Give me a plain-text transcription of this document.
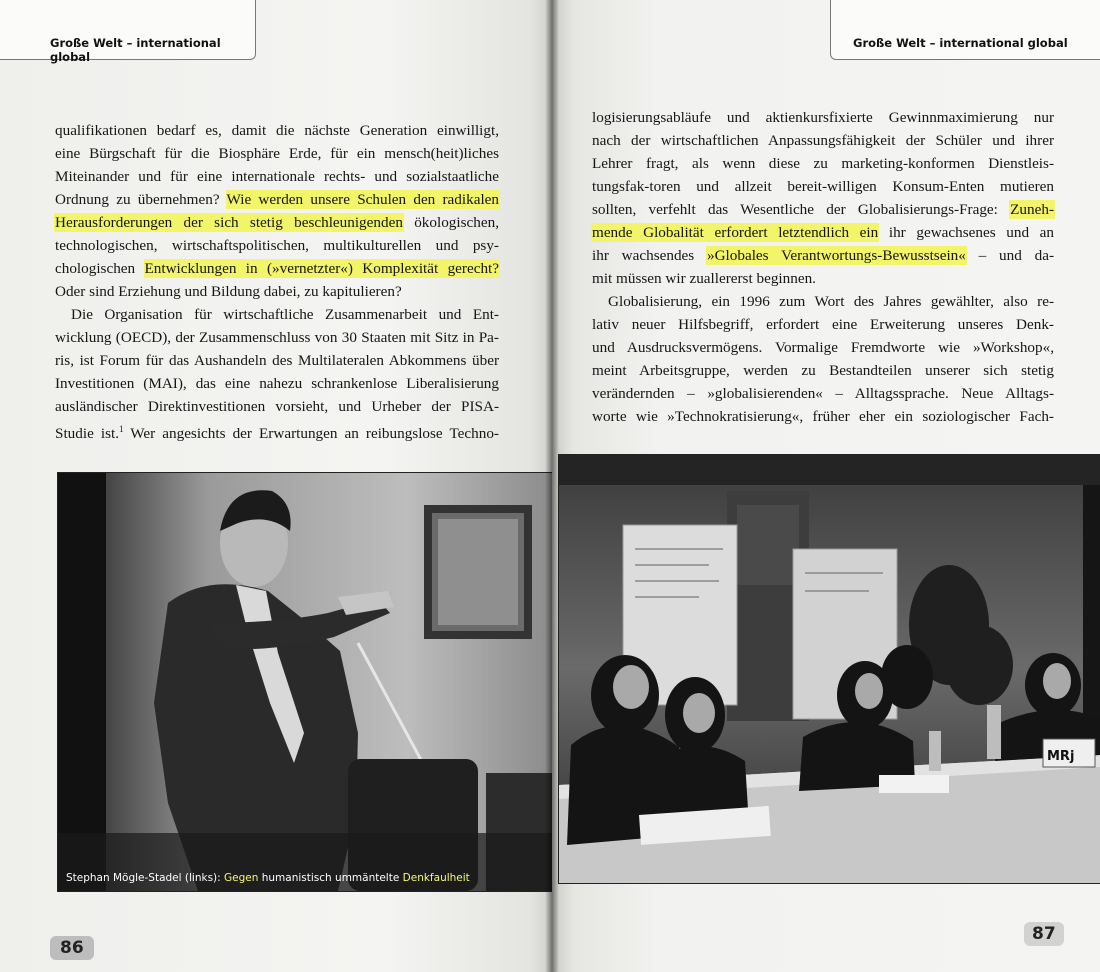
Große Welt – international global
qualifikationen bedarf es, damit die nächste Generation einwilligt,
eine Bürgschaft für die Biosphäre Erde, für ein mensch(heit)liches
Miteinander und für eine internationale rechts- und sozialstaatliche
Ordnung zu übernehmen? Wie werden unsere Schulen den radikalen
Herausforderungen der sich stetig beschleunigenden ökologischen,
technologischen, wirtschaftspolitischen, multikulturellen und psy-
chologischen Entwicklungen in (»vernetzter«) Komplexität gerecht?
Oder sind Erziehung und Bildung dabei, zu kapitulieren?
Die Organisation für wirtschaftliche Zusammenarbeit und Ent-
wicklung (OECD), der Zusammenschluss von 30 Staaten mit Sitz in Pa-
ris, ist Forum für das Aushandeln des Multilateralen Abkommens über
Investitionen (MAI), das eine nahezu schrankenlose Liberalisierung
ausländischer Direktinvestitionen vorsieht, und Urheber der PISA-
Studie ist.$^1$ Wer angesichts der Erwartungen an reibungslose Techno-
Stephan Mögle-Stadel (links): Gegen humanistisch ummäntelte Denkfaulheit
86
Große Welt – international global
logisierungsabläufe und aktienkursfixierte Gewinnmaximierung nur
nach der wirtschaftlichen Anpassungsfähigkeit der Schüler und ihrer
Lehrer fragt, als wenn diese zu marketing-konformen Dienstleis-
tungsfak-toren und allzeit bereit-willigen Konsum-Enten mutieren
sollten, verfehlt das Wesentliche der Globalisierungs-Frage: Zuneh-
mende Globalität erfordert letztendlich ein ihr gewachsenes und an
ihr wachsendes »Globales Verantwortungs-Bewusstsein« – und da-
mit müssen wir zuallererst beginnen.
Globalisierung, ein 1996 zum Wort des Jahres gewählter, also re-
lativ neuer Hilfsbegriff, erfordert eine Erweiterung unseres Denk-
und Ausdrucksvermögens. Vormalige Fremdworte wie »Workshop«,
meint Arbeitsgruppe, werden zu Bestandteilen unserer sich stetig
verändernden – »globalisierenden« – Alltagssprache. Neue Alltags-
worte wie »Technokratisierung«, früher eher ein soziologischer Fach-
MRj
87
